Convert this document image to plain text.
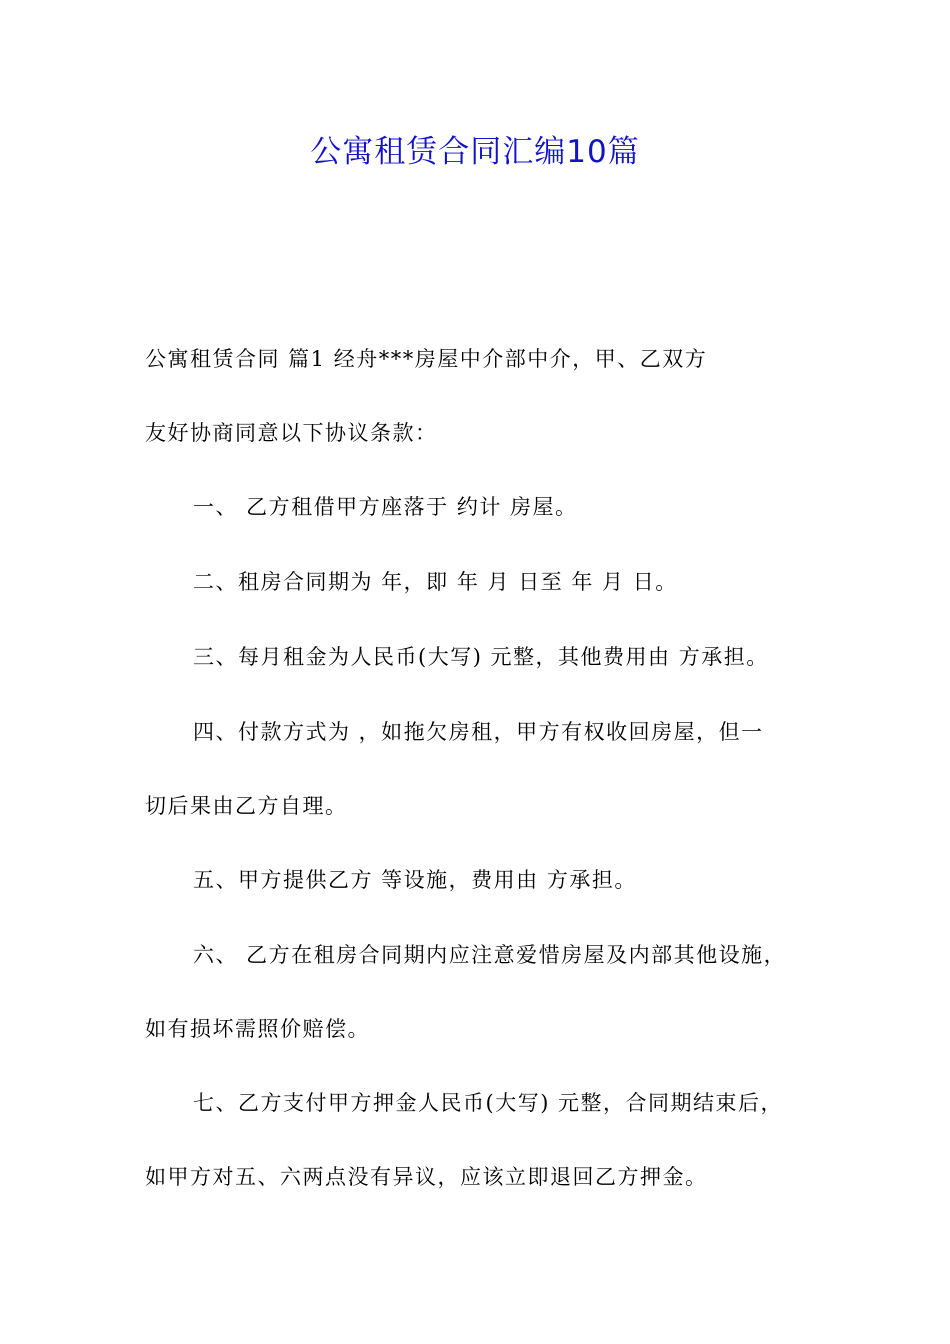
公寓租赁合同汇编10篇
公寓租赁合同 篇1 经舟***房屋中介部中介，甲、乙双方
友好协商同意以下协议条款：
一、 乙方租借甲方座落于 约计 房屋。
二、租房合同期为 年，即 年 月 日至 年 月 日。
三、每月租金为人民币(大写) 元整，其他费用由 方承担。
四、付款方式为 ，如拖欠房租，甲方有权收回房屋，但一
切后果由乙方自理。
五、甲方提供乙方 等设施，费用由 方承担。
六、 乙方在租房合同期内应注意爱惜房屋及内部其他设施，
如有损坏需照价赔偿。
七、乙方支付甲方押金人民币(大写) 元整，合同期结束后，
如甲方对五、六两点没有异议，应该立即退回乙方押金。
